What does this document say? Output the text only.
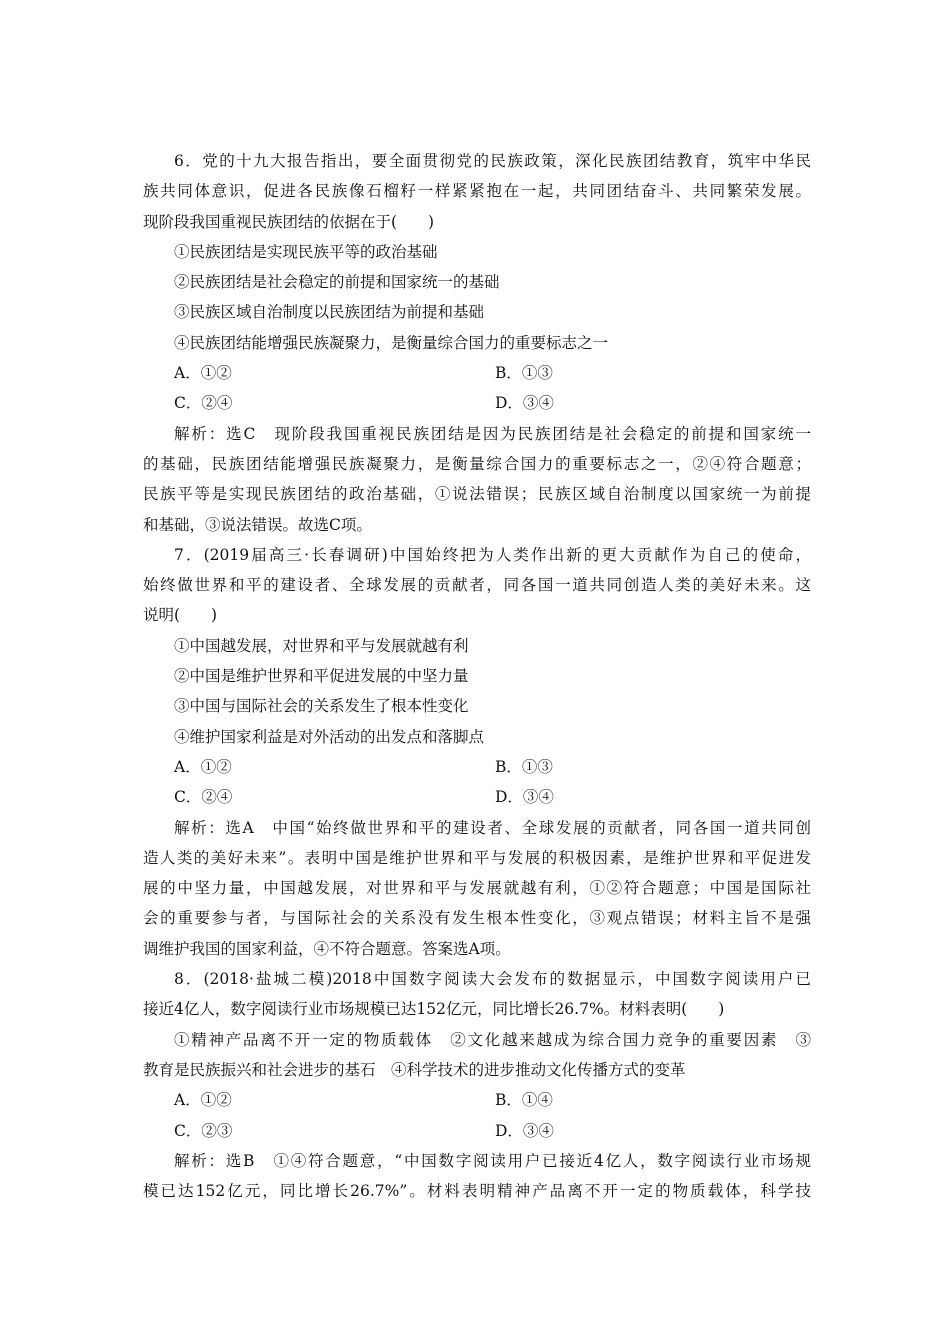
6．党的十九大报告指出，要全面贯彻党的民族政策，深化民族团结教育，筑牢中华民
族共同体意识，促进各民族像石榴籽一样紧紧抱在一起，共同团结奋斗、共同繁荣发展。
现阶段我国重视民族团结的依据在于(　　)
①民族团结是实现民族平等的政治基础
②民族团结是社会稳定的前提和国家统一的基础
③民族区域自治制度以民族团结为前提和基础
④民族团结能增强民族凝聚力，是衡量综合国力的重要标志之一
A．①②	B．①③
C．②④	D．③④
解析：选C　现阶段我国重视民族团结是因为民族团结是社会稳定的前提和国家统一
的基础，民族团结能增强民族凝聚力，是衡量综合国力的重要标志之一，②④符合题意；
民族平等是实现民族团结的政治基础，①说法错误；民族区域自治制度以国家统一为前提
和基础，③说法错误。故选C项。
7．(2019届高三·长春调研)中国始终把为人类作出新的更大贡献作为自己的使命，
始终做世界和平的建设者、全球发展的贡献者，同各国一道共同创造人类的美好未来。这
说明(　　)
①中国越发展，对世界和平与发展就越有利
②中国是维护世界和平促进发展的中坚力量
③中国与国际社会的关系发生了根本性变化
④维护国家利益是对外活动的出发点和落脚点
A．①②	B．①③
C．②④	D．③④
解析：选A　中国“始终做世界和平的建设者、全球发展的贡献者，同各国一道共同创
造人类的美好未来”。表明中国是维护世界和平与发展的积极因素，是维护世界和平促进发
展的中坚力量，中国越发展，对世界和平与发展就越有利，①②符合题意；中国是国际社
会的重要参与者，与国际社会的关系没有发生根本性变化，③观点错误；材料主旨不是强
调维护我国的国家利益，④不符合题意。答案选A项。
8．(2018·盐城二模)2018中国数字阅读大会发布的数据显示，中国数字阅读用户已
接近4亿人，数字阅读行业市场规模已达152亿元，同比增长26.7%。材料表明(　　)
①精神产品离不开一定的物质载体　②文化越来越成为综合国力竞争的重要因素　③
教育是民族振兴和社会进步的基石　④科学技术的进步推动文化传播方式的变革
A．①②	B．①④
C．②③	D．③④
解析：选B　①④符合题意，“中国数字阅读用户已接近4亿人，数字阅读行业市场规
模已达152亿元，同比增长26.7%”。材料表明精神产品离不开一定的物质载体，科学技
